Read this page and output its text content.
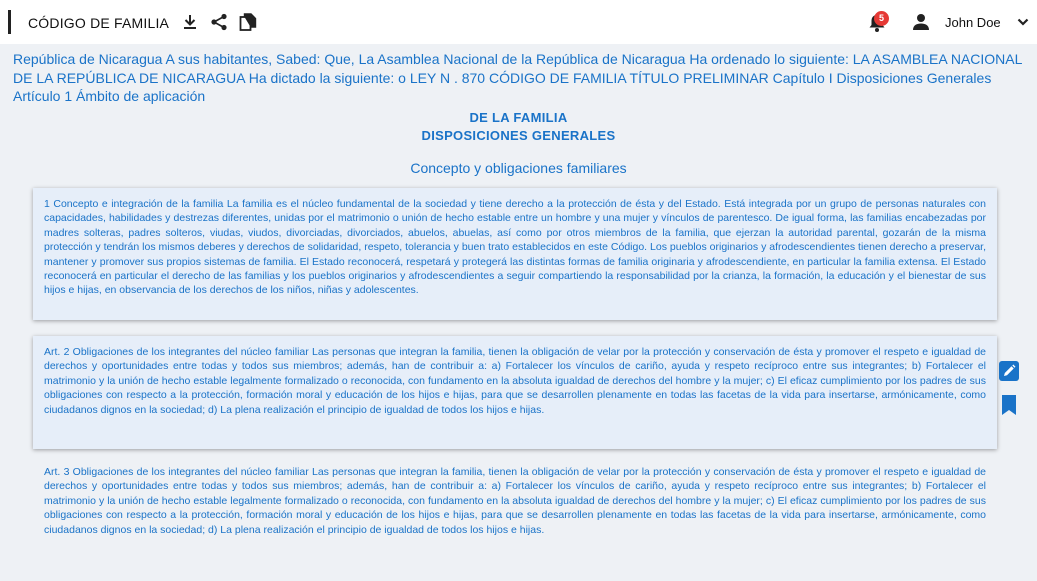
CÓDIGO DE FAMILIA	5	John Doe

República de Nicaragua A sus habitantes, Sabed: Que, La Asamblea Nacional de la República de Nicaragua Ha ordenado lo siguiente: LA ASAMBLEA NACIONAL DE LA REPÚBLICA DE NICARAGUA Ha dictado la siguiente: o LEY N . 870 CÓDIGO DE FAMILIA TÍTULO PRELIMINAR Capítulo I Disposiciones Generales Artículo 1 Ámbito de aplicación

DE LA FAMILIA

DISPOSICIONES GENERALES

Concepto y obligaciones familiares

1 Concepto e integración de la familia La familia es el núcleo fundamental de la sociedad y tiene derecho a la protección de ésta y del Estado. Está integrada por un grupo de personas naturales con capacidades, habilidades y destrezas diferentes, unidas por el matrimonio o unión de hecho estable entre un hombre y una mujer y vínculos de parentesco. De igual forma, las familias encabezadas por madres solteras, padres solteros, viudas, viudos, divorciadas, divorciados, abuelos, abuelas, así como por otros miembros de la familia, que ejerzan la autoridad parental, gozarán de la misma protección y tendrán los mismos deberes y derechos de solidaridad, respeto, tolerancia y buen trato establecidos en este Código. Los pueblos originarios y afrodescendientes tienen derecho a preservar, mantener y promover sus propios sistemas de familia. El Estado reconocerá, respetará y protegerá las distintas formas de familia originaria y afrodescendiente, en particular la familia extensa. El Estado reconocerá en particular el derecho de las familias y los pueblos originarios y afrodescendientes a seguir compartiendo la responsabilidad por la crianza, la formación, la educación y el bienestar de sus hijos e hijas, en observancia de los derechos de los niños, niñas y adolescentes.

Art. 2 Obligaciones de los integrantes del núcleo familiar Las personas que integran la familia, tienen la obligación de velar por la protección y conservación de ésta y promover el respeto e igualdad de derechos y oportunidades entre todas y todos sus miembros; además, han de contribuir a: a) Fortalecer los vínculos de cariño, ayuda y respeto recíproco entre sus integrantes; b) Fortalecer el matrimonio y la unión de hecho estable legalmente formalizado o reconocida, con fundamento en la absoluta igualdad de derechos del hombre y la mujer; c) El eficaz cumplimiento por los padres de sus obligaciones con respecto a la protección, formación moral y educación de los hijos e hijas, para que se desarrollen plenamente en todas las facetas de la vida para insertarse, armónicamente, como ciudadanos dignos en la sociedad; d) La plena realización el principio de igualdad de todos los hijos e hijas.

Art. 3 Obligaciones de los integrantes del núcleo familiar Las personas que integran la familia, tienen la obligación de velar por la protección y conservación de ésta y promover el respeto e igualdad de derechos y oportunidades entre todas y todos sus miembros; además, han de contribuir a: a) Fortalecer los vínculos de cariño, ayuda y respeto recíproco entre sus integrantes; b) Fortalecer el matrimonio y la unión de hecho estable legalmente formalizado o reconocida, con fundamento en la absoluta igualdad de derechos del hombre y la mujer; c) El eficaz cumplimiento por los padres de sus obligaciones con respecto a la protección, formación moral y educación de los hijos e hijas, para que se desarrollen plenamente en todas las facetas de la vida para insertarse, armónicamente, como ciudadanos dignos en la sociedad; d) La plena realización el principio de igualdad de todos los hijos e hijas.
